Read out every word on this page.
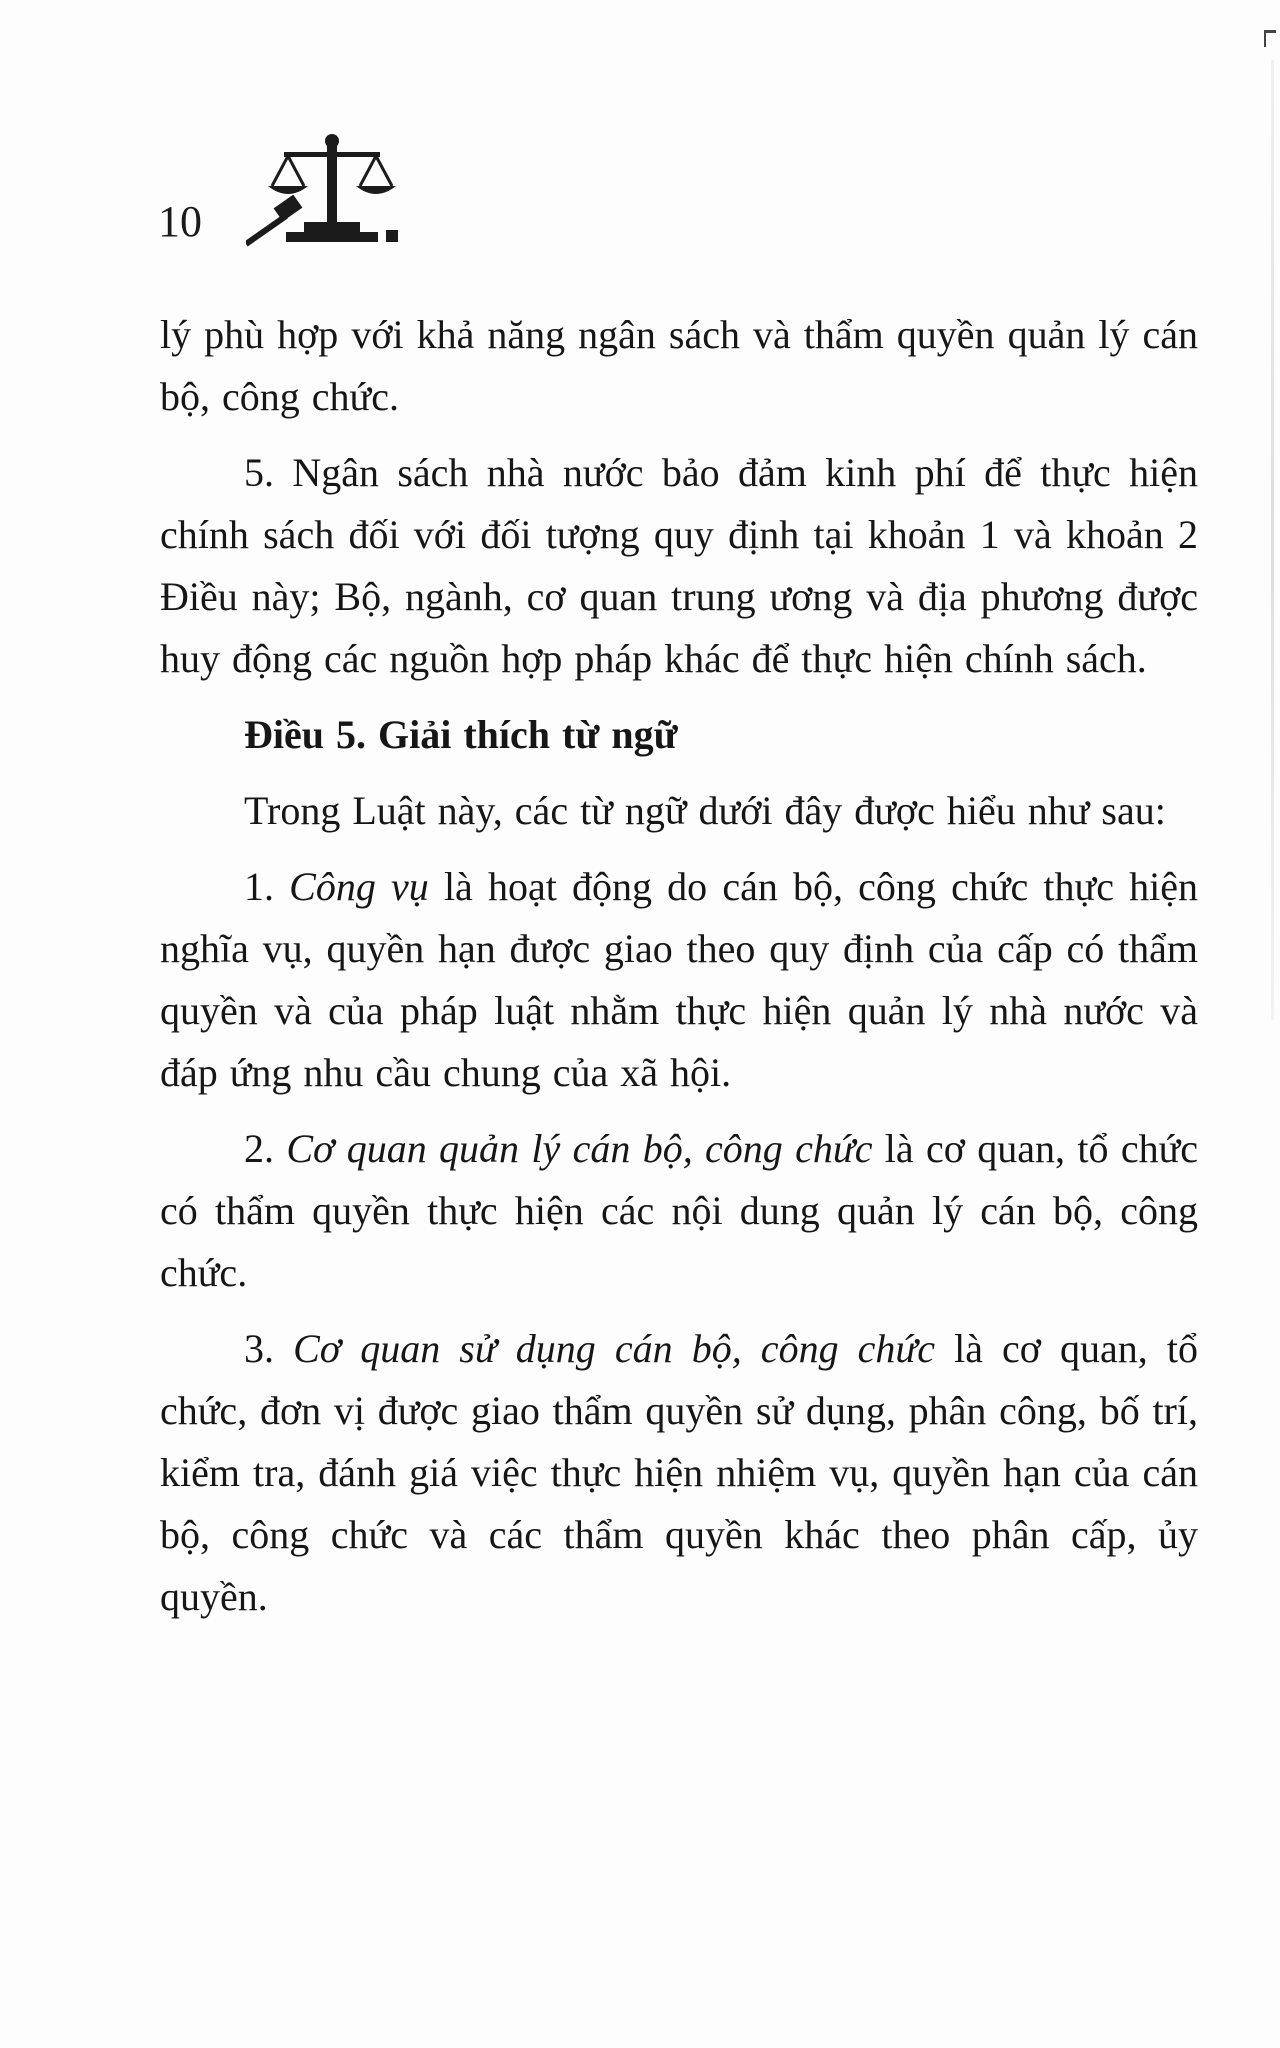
10

lý phù hợp với khả năng ngân sách và thẩm quyền quản lý cán bộ, công chức.

5. Ngân sách nhà nước bảo đảm kinh phí để thực hiện chính sách đối với đối tượng quy định tại khoản 1 và khoản 2 Điều này; Bộ, ngành, cơ quan trung ương và địa phương được huy động các nguồn hợp pháp khác để thực hiện chính sách.

Điều 5. Giải thích từ ngữ

Trong Luật này, các từ ngữ dưới đây được hiểu như sau:

1. Công vụ là hoạt động do cán bộ, công chức thực hiện nghĩa vụ, quyền hạn được giao theo quy định của cấp có thẩm quyền và của pháp luật nhằm thực hiện quản lý nhà nước và đáp ứng nhu cầu chung của xã hội.

2. Cơ quan quản lý cán bộ, công chức là cơ quan, tổ chức có thẩm quyền thực hiện các nội dung quản lý cán bộ, công chức.

3. Cơ quan sử dụng cán bộ, công chức là cơ quan, tổ chức, đơn vị được giao thẩm quyền sử dụng, phân công, bố trí, kiểm tra, đánh giá việc thực hiện nhiệm vụ, quyền hạn của cán bộ, công chức và các thẩm quyền khác theo phân cấp, ủy quyền.
